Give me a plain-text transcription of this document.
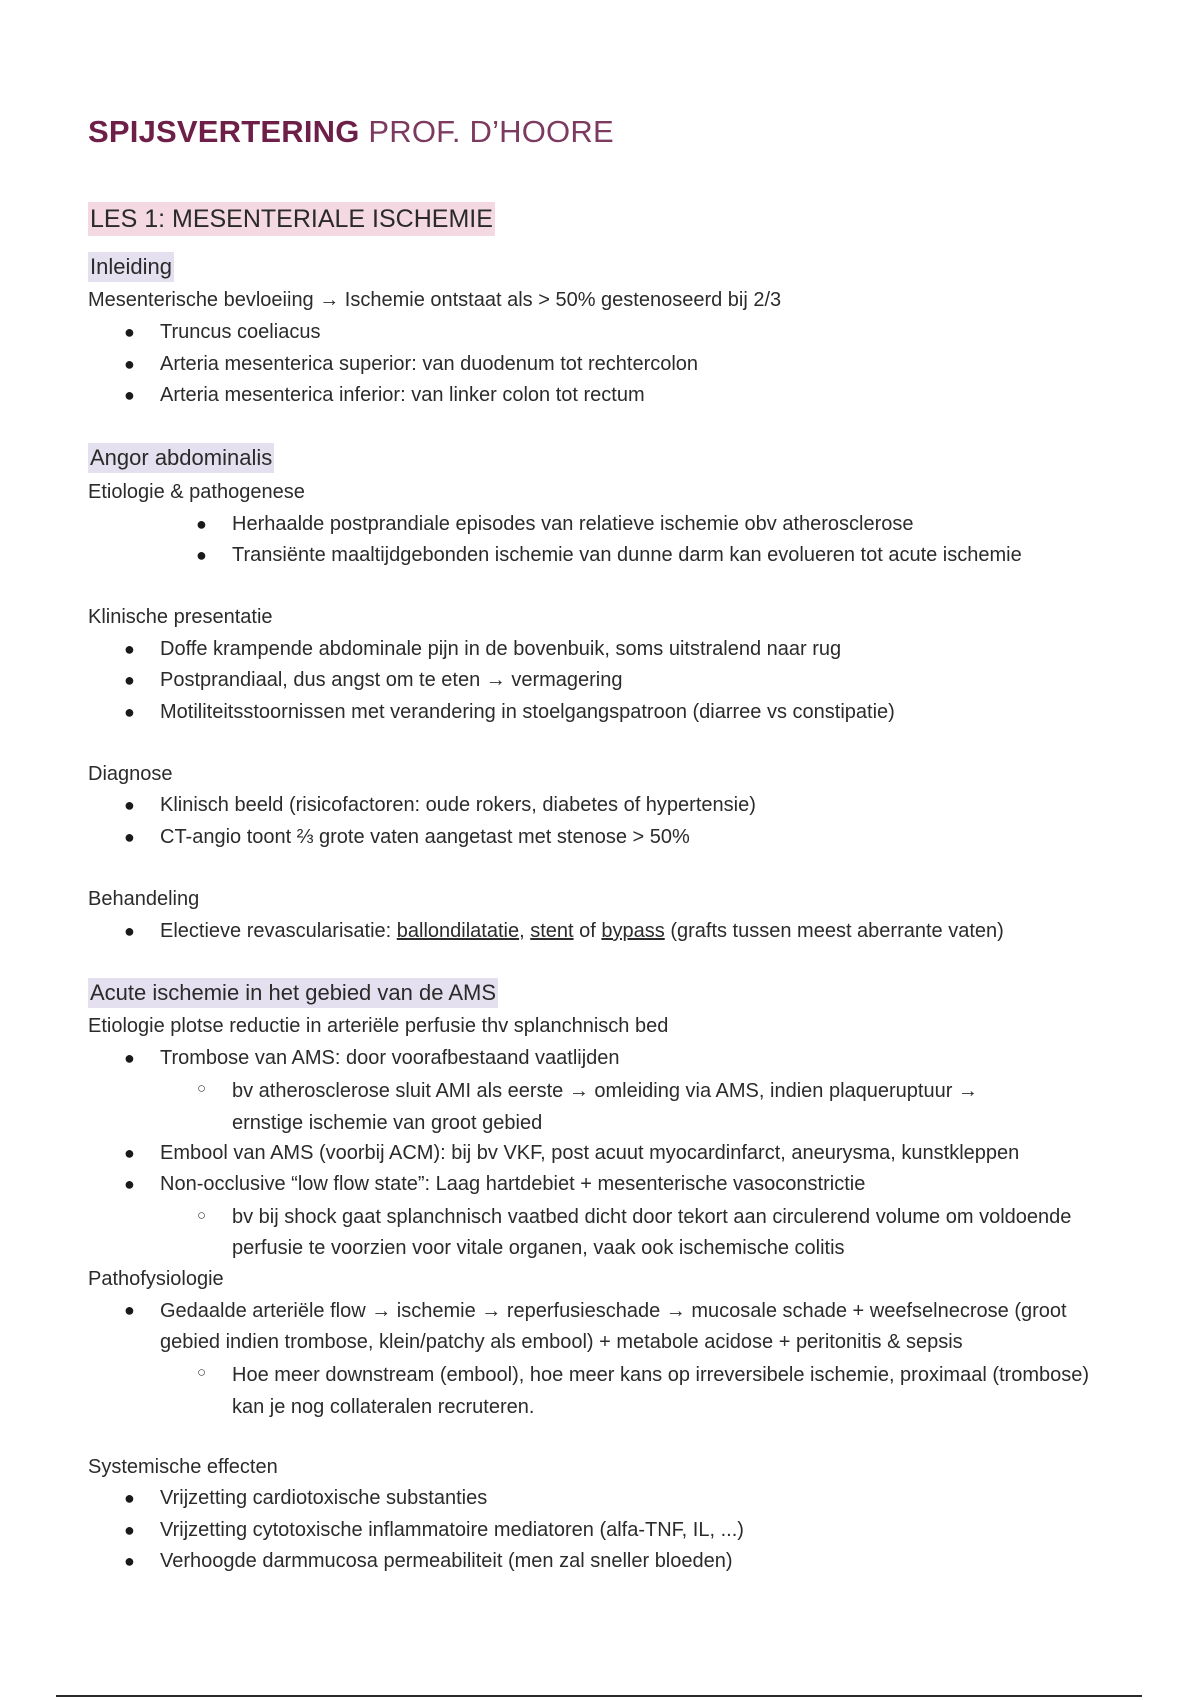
SPIJSVERTERING PROF. D’HOORE
LES 1: MESENTERIALE ISCHEMIE
Inleiding
Mesenterische bevloeiing → Ischemie ontstaat als > 50% gestenoseerd bij 2/3
● Truncus coeliacus
● Arteria mesenterica superior: van duodenum tot rechtercolon
● Arteria mesenterica inferior: van linker colon tot rectum
Angor abdominalis
Etiologie & pathogenese
● Herhaalde postprandiale episodes van relatieve ischemie obv atherosclerose
● Transiënte maaltijdgebonden ischemie van dunne darm kan evolueren tot acute ischemie
Klinische presentatie
● Doffe krampende abdominale pijn in de bovenbuik, soms uitstralend naar rug
● Postprandiaal, dus angst om te eten → vermagering
● Motiliteitsstoornissen met verandering in stoelgangspatroon (diarree vs constipatie)
Diagnose
● Klinisch beeld (risicofactoren: oude rokers, diabetes of hypertensie)
● CT-angio toont ⅔ grote vaten aangetast met stenose > 50%
Behandeling
● Electieve revascularisatie: ballondilatatie, stent of bypass (grafts tussen meest aberrante vaten)
Acute ischemie in het gebied van de AMS
Etiologie plotse reductie in arteriële perfusie thv splanchnisch bed
● Trombose van AMS: door voorafbestaand vaatlijden
○ bv atherosclerose sluit AMI als eerste → omleiding via AMS, indien plaqueruptuur → ernstige ischemie van groot gebied
● Embool van AMS (voorbij ACM): bij bv VKF, post acuut myocardinfarct, aneurysma, kunstkleppen
● Non-occlusive “low flow state”: Laag hartdebiet + mesenterische vasoconstrictie
○ bv bij shock gaat splanchnisch vaatbed dicht door tekort aan circulerend volume om voldoende perfusie te voorzien voor vitale organen, vaak ook ischemische colitis
Pathofysiologie
● Gedaalde arteriële flow → ischemie → reperfusieschade → mucosale schade + weefselnecrose (groot gebied indien trombose, klein/patchy als embool) + metabole acidose + peritonitis & sepsis
○ Hoe meer downstream (embool), hoe meer kans op irreversibele ischemie, proximaal (trombose) kan je nog collateralen recruteren.
Systemische effecten
● Vrijzetting cardiotoxische substanties
● Vrijzetting cytotoxische inflammatoire mediatoren (alfa-TNF, IL, ...)
● Verhoogde darmmucosa permeabiliteit (men zal sneller bloeden)
